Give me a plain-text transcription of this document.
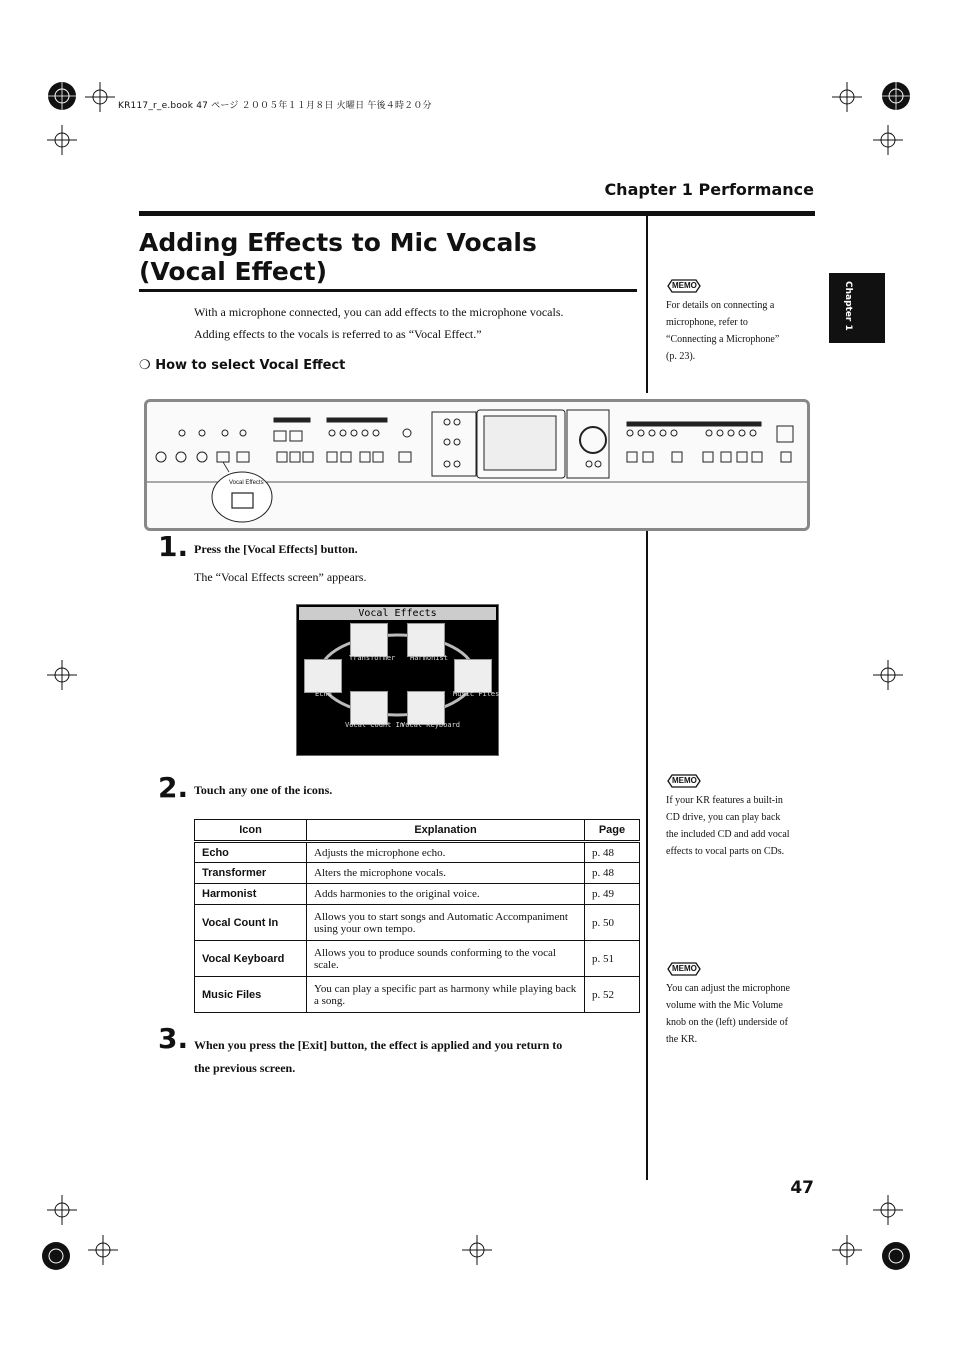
KR117_r_e.book 47 ページ ２００５年１１月８日 火曜日 午後４時２０分
Chapter 1 Performance
Chapter 1
Adding Effects to Mic Vocals
(Vocal Effect)
With a microphone connected, you can add effects to the microphone vocals.
Adding effects to the vocals is referred to as “Vocal Effect.”
❍ How to select Vocal Effect
MEMO
For details on connecting a
microphone, refer to
“Connecting a Microphone”
(p. 23).
Vocal Effects
1. Press the [Vocal Effects] button.
The “Vocal Effects screen” appears.
Vocal Effects
Transformer Harmonist
Echo	Music Files
Vocal Count In
Vocal Keyboard
MEMO
If your KR features a built-in
CD drive, you can play back
the included CD and add vocal
effects to vocal parts on CDs.
2. Touch any one of the icons.
Icon	Explanation	Page
Echo	Adjusts the microphone echo.	p. 48
Transformer	Alters the microphone vocals.	p. 48
Harmonist	Adds harmonies to the original voice.	p. 49
Vocal Count In	Allows you to start songs and Automatic Accompaniment using your own tempo.	p. 50
Vocal Keyboard	Allows you to produce sounds conforming to the vocal scale.	p. 51
Music Files	You can play a specific part as harmony while playing back a song.	p. 52
MEMO
You can adjust the microphone
volume with the Mic Volume
knob on the (left) underside of
the KR.
3. When you press the [Exit] button, the effect is applied and you return to
the previous screen.
47
